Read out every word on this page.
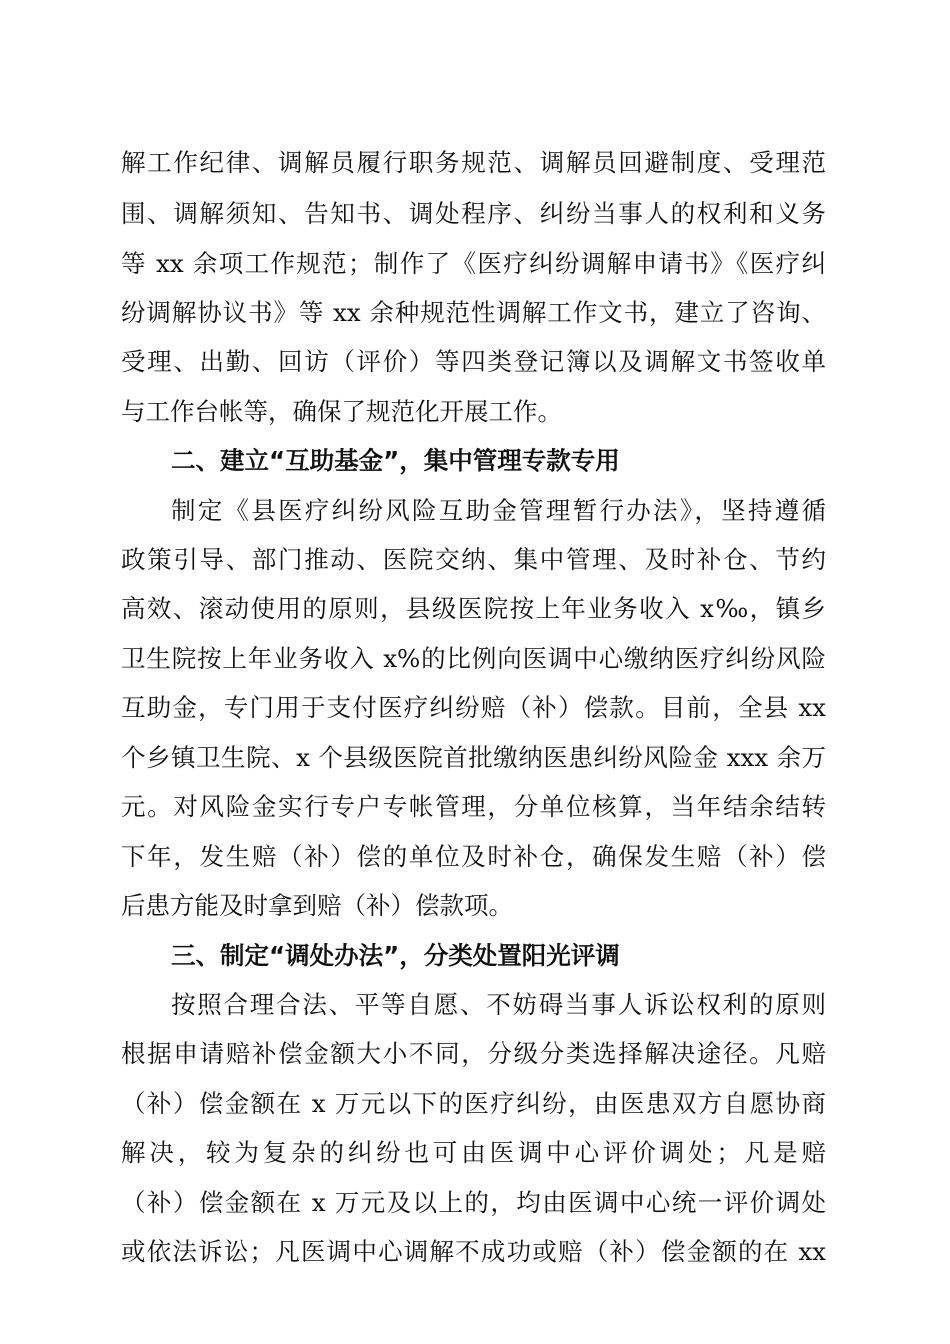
解工作纪律、调解员履行职务规范、调解员回避制度、受理范
围、调解须知、告知书、调处程序、纠纷当事人的权利和义务
等 xx 余项工作规范；制作了《医疗纠纷调解申请书》《医疗纠
纷调解协议书》等 xx 余种规范性调解工作文书，建立了咨询、
受理、出勤、回访（评价）等四类登记簿以及调解文书签收单
与工作台帐等，确保了规范化开展工作。
二、建立“互助基金”，集中管理专款专用
制定《县医疗纠纷风险互助金管理暂行办法》，坚持遵循
政策引导、部门推动、医院交纳、集中管理、及时补仓、节约
高效、滚动使用的原则，县级医院按上年业务收入 x‰，镇乡
卫生院按上年业务收入 x%的比例向医调中心缴纳医疗纠纷风险
互助金，专门用于支付医疗纠纷赔（补）偿款。目前，全县 xx
个乡镇卫生院、x 个县级医院首批缴纳医患纠纷风险金 xxx 余万
元。对风险金实行专户专帐管理，分单位核算，当年结余结转
下年，发生赔（补）偿的单位及时补仓，确保发生赔（补）偿
后患方能及时拿到赔（补）偿款项。
三、制定“调处办法”，分类处置阳光评调
按照合理合法、平等自愿、不妨碍当事人诉讼权利的原则
根据申请赔补偿金额大小不同，分级分类选择解决途径。凡赔
（补）偿金额在 x 万元以下的医疗纠纷，由医患双方自愿协商
解决，较为复杂的纠纷也可由医调中心评价调处；凡是赔
（补）偿金额在 x 万元及以上的，均由医调中心统一评价调处
或依法诉讼；凡医调中心调解不成功或赔（补）偿金额的在 xx
